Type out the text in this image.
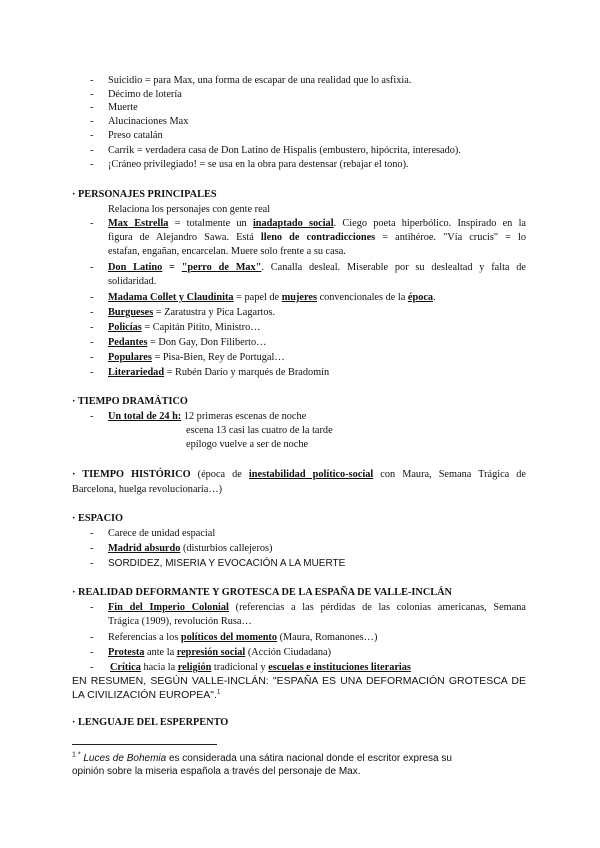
- Suicidio = para Max, una forma de escapar de una realidad que lo asfixia.
- Décimo de lotería
- Muerte
- Alucinaciones Max
- Preso catalán
- Carrik = verdadera casa de Don Latino de Hispalis (embustero, hipócrita, interesado).
- ¡Cráneo privilegiado! = se usa en la obra para destensar (rebajar el tono).
· PERSONAJES PRINCIPALES
Relaciona los personajes con gente real
- Max Estrella = totalmente un inadaptado social. Ciego poeta hiperbólico. Inspirado en la
figura de Alejandro Sawa. Está lleno de contradicciones = antihéroe. "Vía crucis" = lo
estafan, engañan, encarcelan. Muere solo frente a su casa.
- Don Latino = "perro de Max". Canalla desleal. Miserable por su deslealtad y falta de
solidaridad.
- Madama Collet y Claudinita = papel de mujeres convencionales de la época.
- Burgueses = Zaratustra y Pica Lagartos.
- Policías = Capitán Pitito, Ministro…
- Pedantes = Don Gay, Don Filiberto…
- Populares = Pisa-Bien, Rey de Portugal…
- Literariedad = Rubén Darío y marqués de Bradomín
· TIEMPO DRAMÁTICO
- Un total de 24 h: 12 primeras escenas de noche
escena 13 casi las cuatro de la tarde
epílogo vuelve a ser de noche
· TIEMPO HISTÓRICO (época de inestabilidad político-social con Maura, Semana Trágica de
Barcelona, huelga revolucionaria…)
· ESPACIO
- Carece de unidad espacial
- Madrid absurdo (disturbios callejeros)
- SORDIDEZ, MISERIA Y EVOCACIÓN A LA MUERTE
· REALIDAD DEFORMANTE Y GROTESCA DE LA ESPAÑA DE VALLE-INCLÁN
- Fin del Imperio Colonial (referencias a las pérdidas de las colonias americanas, Semana
Trágica (1909), revolución Rusa…
- Referencias a los políticos del momento (Maura, Romanones…)
- Protesta ante la represión social (Acción Ciudadana)
- Crítica hacia la religión tradicional y escuelas e instituciones literarias
EN RESUMEN, SEGÚN VALLE-INCLÁN: "ESPAÑA ES UNA DEFORMACIÓN GROTESCA DE
LA CIVILIZACIÓN EUROPEA".$^1$
· LENGUAJE DEL ESPERPENTO
$^{1 *}$ Luces de Bohemia es considerada una sátira nacional donde el escritor expresa su
opinión sobre la miseria española a través del personaje de Max.
